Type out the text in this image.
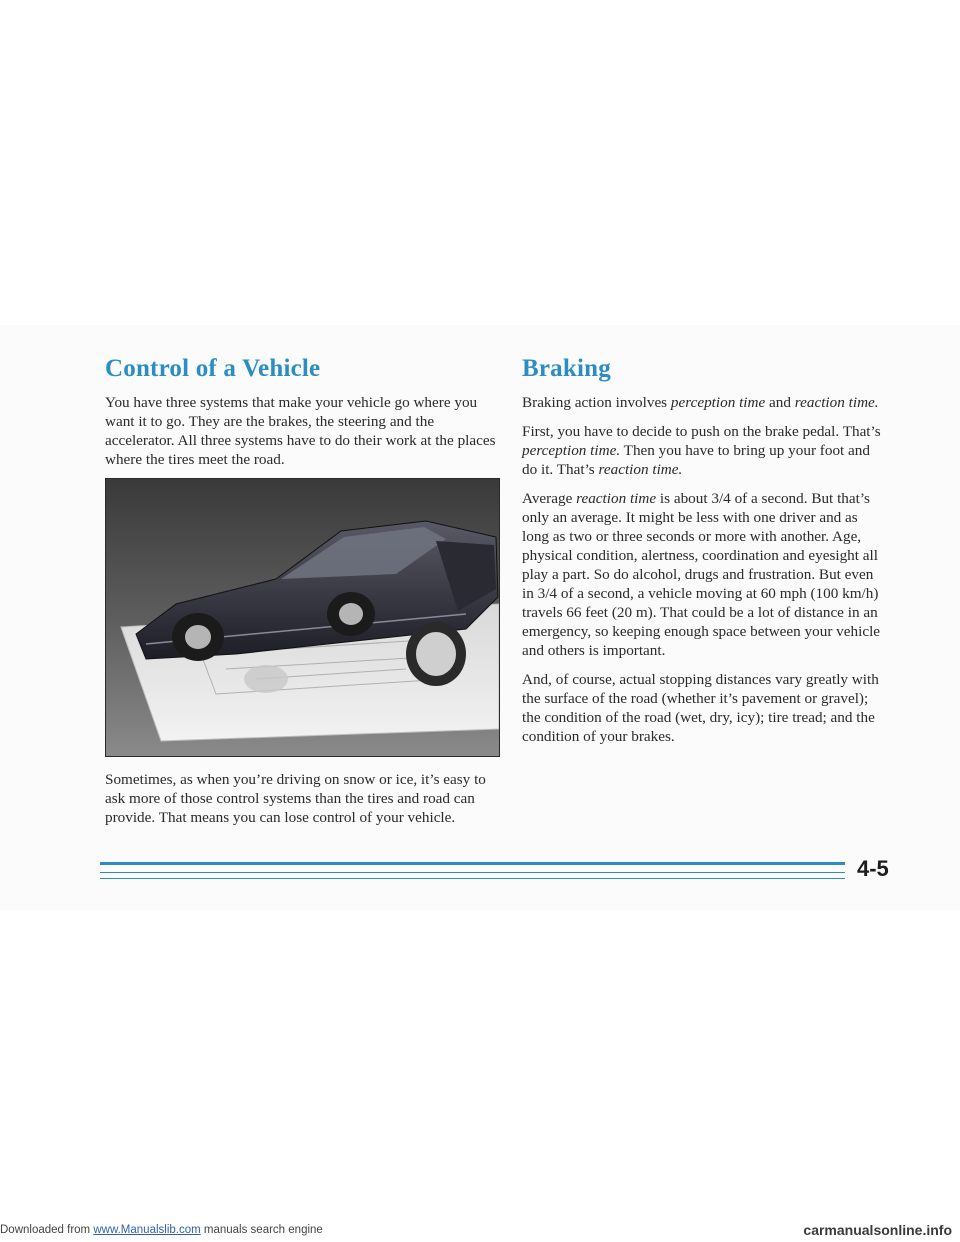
Control of a Vehicle

You have three systems that make your vehicle go where you want it to go. They are the brakes, the steering and the accelerator. All three systems have to do their work at the places where the tires meet the road.

Sometimes, as when you’re driving on snow or ice, it’s easy to ask more of those control systems than the tires and road can provide. That means you can lose control of your vehicle.

Braking

Braking action involves perception time and reaction time.

First, you have to decide to push on the brake pedal. That’s perception time. Then you have to bring up your foot and do it. That’s reaction time.

Average reaction time is about 3/4 of a second. But that’s only an average. It might be less with one driver and as long as two or three seconds or more with another. Age, physical condition, alertness, coordination and eyesight all play a part. So do alcohol, drugs and frustration. But even in 3/4 of a second, a vehicle moving at 60 mph (100 km/h) travels 66 feet (20 m). That could be a lot of distance in an emergency, so keeping enough space between your vehicle and others is important.

And, of course, actual stopping distances vary greatly with the surface of the road (whether it’s pavement or gravel); the condition of the road (wet, dry, icy); tire tread; and the condition of your brakes.

4-5
Downloaded from www.Manualslib.com manuals search engine	carmanualsonline.info
